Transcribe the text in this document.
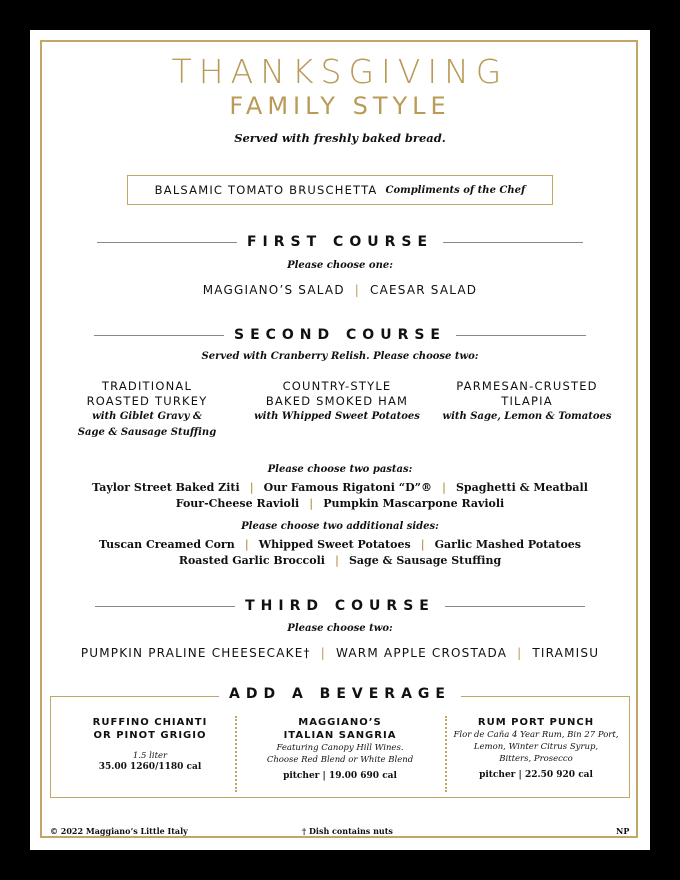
THANKSGIVING
FAMILY STYLE
Served with freshly baked bread.
BALSAMIC TOMATO BRUSCHETTA Compliments of the Chef
FIRST COURSE
Please choose one:
MAGGIANO’S SALAD | CAESAR SALAD
SECOND COURSE
Served with Cranberry Relish. Please choose two:
TRADITIONAL
ROASTED TURKEY
with Giblet Gravy &
Sage & Sausage Stuffing
COUNTRY-STYLE
BAKED SMOKED HAM
with Whipped Sweet Potatoes
PARMESAN-CRUSTED
TILAPIA
with Sage, Lemon & Tomatoes
Please choose two pastas:
Taylor Street Baked Ziti | Our Famous Rigatoni “D”® | Spaghetti & Meatball
Four-Cheese Ravioli | Pumpkin Mascarpone Ravioli
Please choose two additional sides:
Tuscan Creamed Corn | Whipped Sweet Potatoes | Garlic Mashed Potatoes
Roasted Garlic Broccoli | Sage & Sausage Stuffing
THIRD COURSE
Please choose two:
PUMPKIN PRALINE CHEESECAKE† | WARM APPLE CROSTADA | TIRAMISU
ADD A BEVERAGE
RUFFINO CHIANTI
OR PINOT GRIGIO
1.5 liter
35.00 1260/1180 cal
MAGGIANO’S
ITALIAN SANGRIA
Featuring Canopy Hill Wines.
Choose Red Blend or White Blend
pitcher | 19.00 690 cal
RUM PORT PUNCH
Flor de Caña 4 Year Rum, Bin 27 Port,
Lemon, Winter Citrus Syrup,
Bitters, Prosecco
pitcher | 22.50 920 cal
© 2022 Maggiano’s Little Italy	† Dish contains nuts	NP
